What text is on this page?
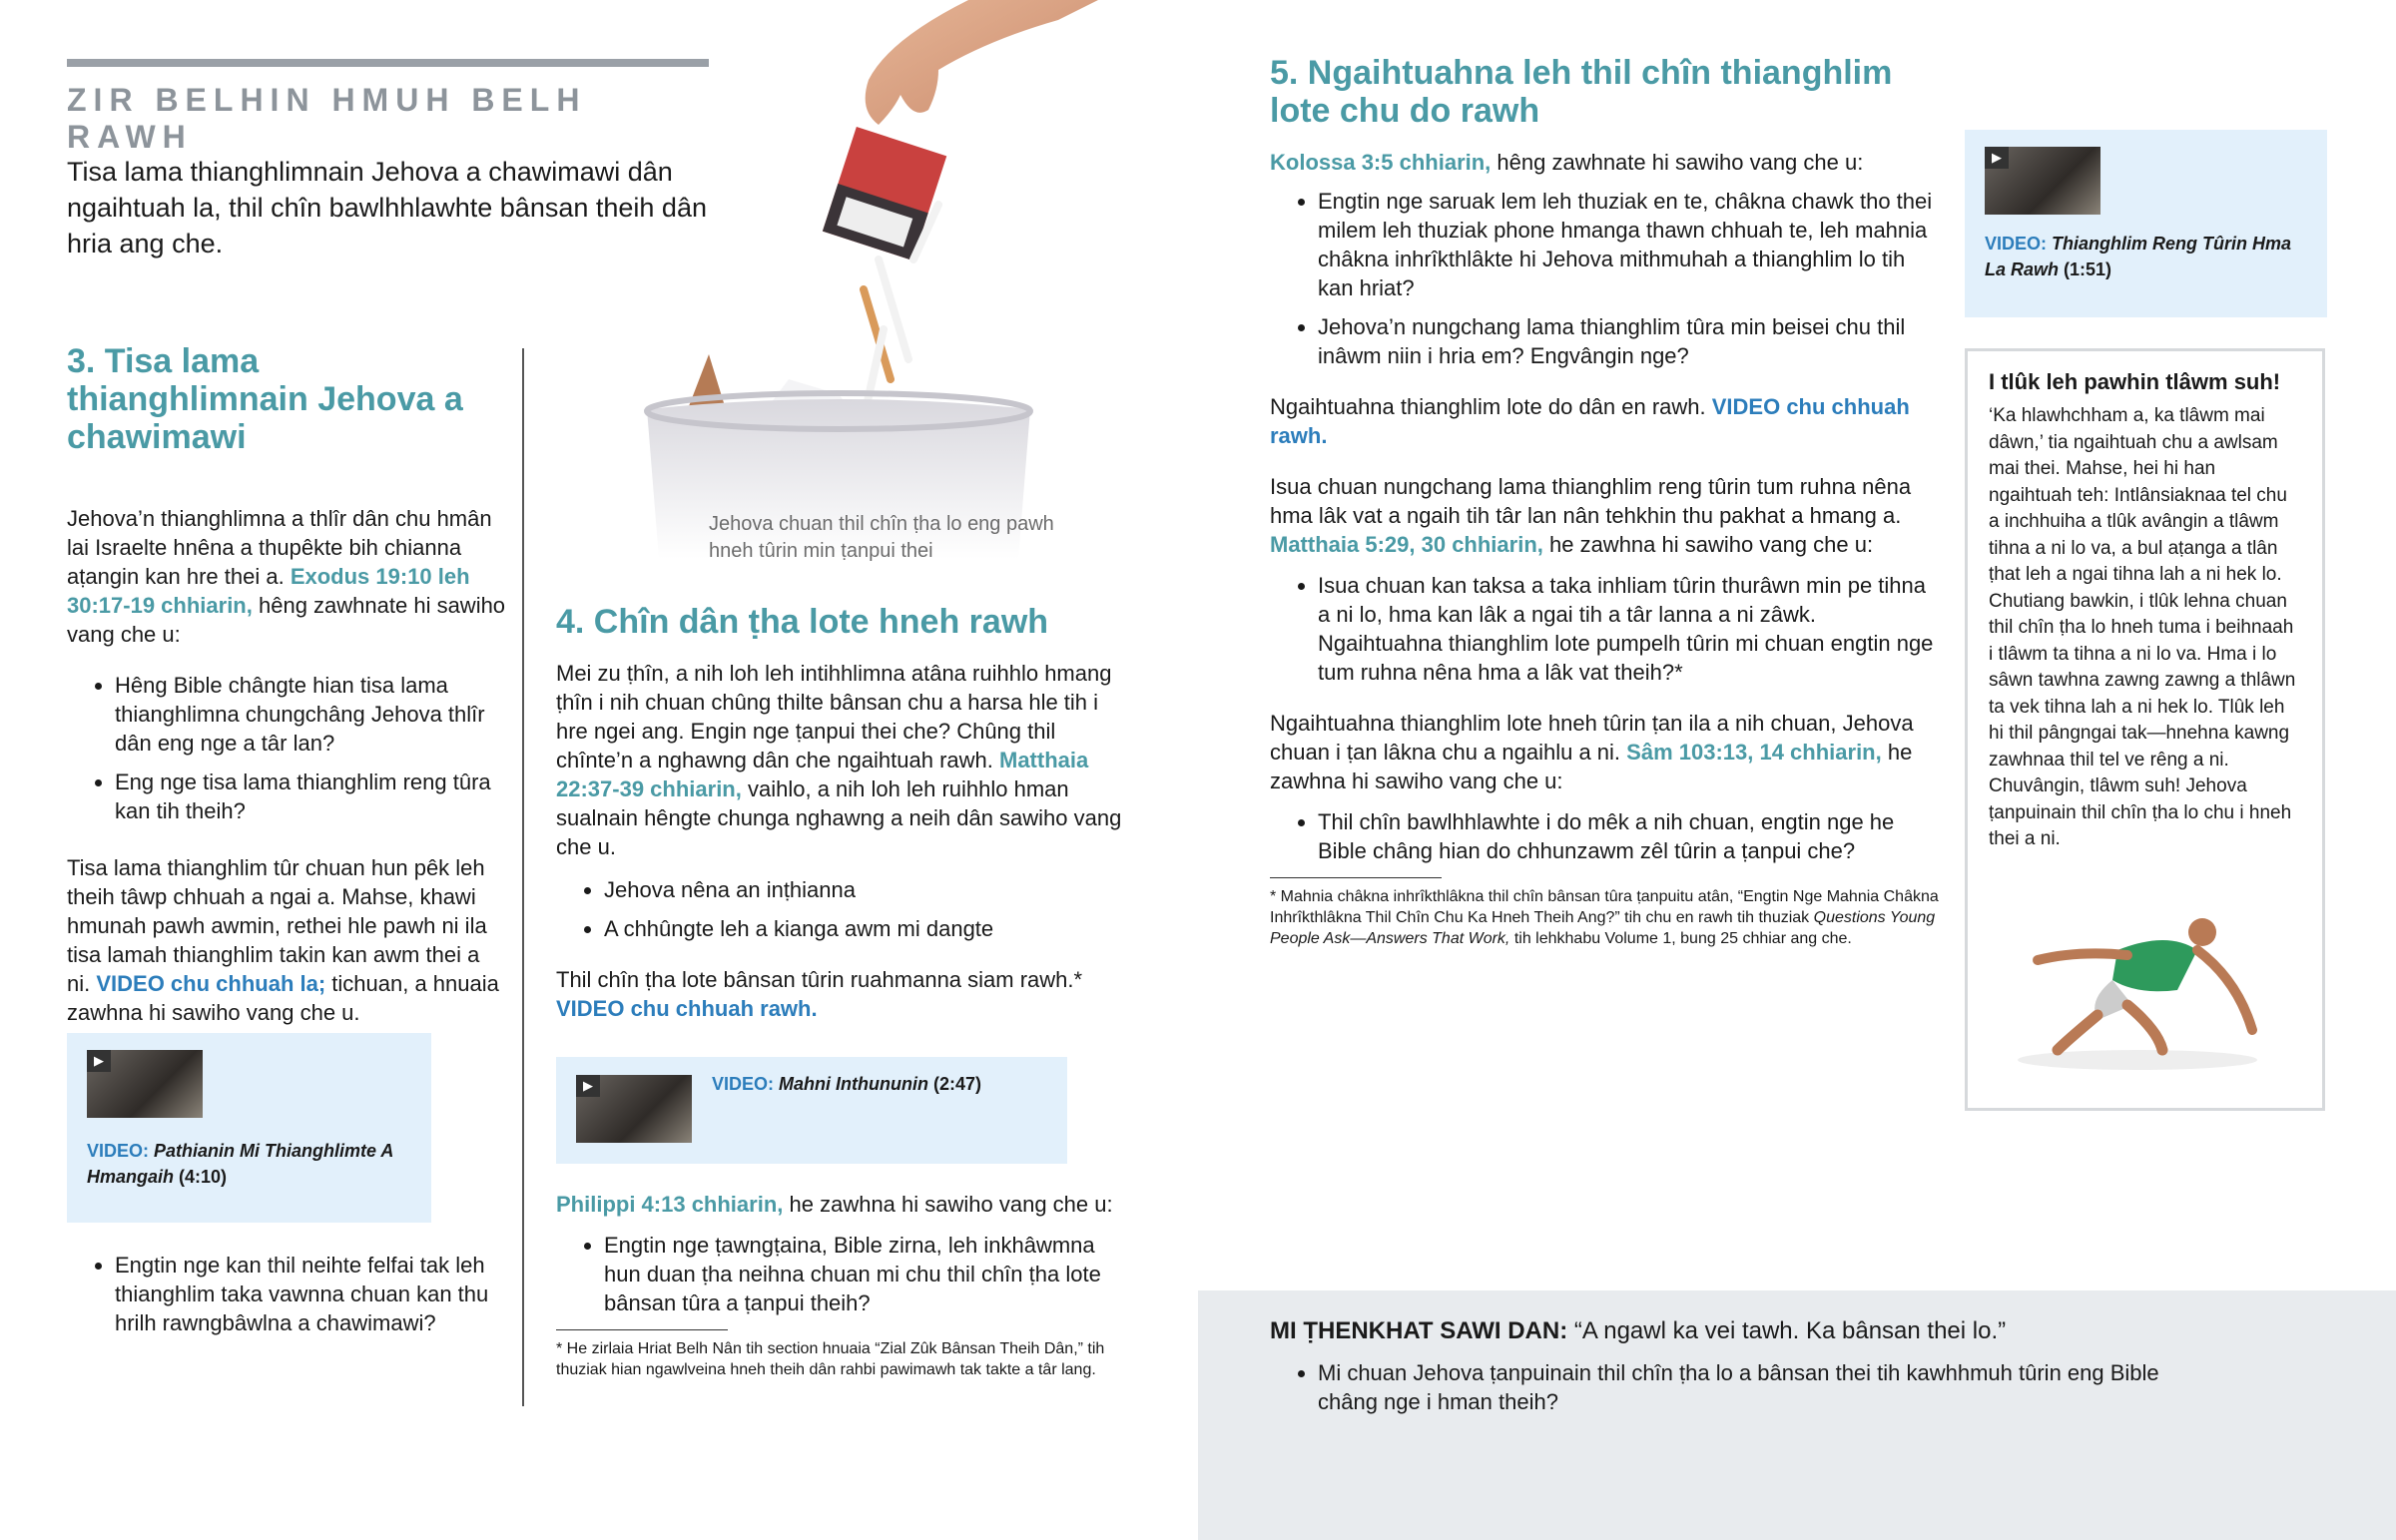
ZIR BELHIN HMUH BELH RAWH
Tisa lama thianghlimnain Jehova a chawimawi dân ngaihtuah la, thil chîn bawlhhlawhte bânsan theih dân hria ang che.
Jehova chuan thil chîn ṭha lo eng pawh hneh tûrin min ṭanpui thei
3. Tisa lama thianghlimnain Jehova a chawimawi

Jehova’n thianghlimna a thlîr dân chu hmân lai Israelte hnêna a thupêkte bih chianna aṭangin kan hre thei a. Exodus 19:10 leh 30:17-19 chhiarin, hêng zawhnate hi sawiho vang che u:

• Hêng Bible chângte hian tisa lama thianghlimna chungchâng Jehova thlîr dân eng nge a târ lan?
• Eng nge tisa lama thianghlim reng tûra kan tih theih?

Tisa lama thianghlim tûr chuan hun pêk leh theih tâwp chhuah a ngai a. Mahse, khawi hmunah pawh awmin, rethei hle pawh ni ila tisa lamah thianghlim takin kan awm thei a ni. VIDEO chu chhuah la; tichuan, a hnuaia zawhna hi sawiho vang che u.

▶
VIDEO: Pathianin Mi Thianghlimte A Hmangaih (4:10)
• Engtin nge kan thil neihte felfai tak leh thianghlim taka vawnna chuan kan thu hrilh rawngbâwlna a chawimawi?
4. Chîn dân ṭha lote hneh rawh

Mei zu ṭhîn, a nih loh leh intihhlimna atâna ruihhlo hmang ṭhîn i nih chuan chûng thilte bânsan chu a harsa hle tih i hre ngei ang. Engin nge ṭanpui thei che? Chûng thil chînte’n a nghawng dân che ngaihtuah rawh. Matthaia 22:37-39 chhiarin, vaihlo, a nih loh leh ruihhlo hman sualnain hêngte chunga nghawng a neih dân sawiho vang che u.

• Jehova nêna an inṭhianna
• A chhûngte leh a kianga awm mi dangte

Thil chîn ṭha lote bânsan tûrin ruahmanna siam rawh.*
VIDEO chu chhuah rawh.

▶	VIDEO: Mahni Inthununin (2:47)

Philippi 4:13 chhiarin, he zawhna hi sawiho vang che u:

• Engtin nge ṭawngṭaina, Bible zirna, leh inkhâwmna hun duan ṭha neihna chuan mi chu thil chîn ṭha lote bânsan tûra a ṭanpui theih?
* He zirlaia Hriat Belh Nân tih section hnuaia “Zial Zûk Bânsan Theih Dân,” tih thuziak hian ngawlveina hneh theih dân rahbi pawimawh tak takte a târ lang.
5. Ngaihtuahna leh thil chîn thianghlim lote chu do rawh

Kolossa 3:5 chhiarin, hêng zawhnate hi sawiho vang che u:

• Engtin nge saruak lem leh thuziak en te, châkna chawk tho thei milem leh thuziak phone hmanga thawn chhuah te, leh mahnia châkna inhrîkthlâkte hi Jehova mithmuhah a thianghlim lo tih kan hriat?
• Jehova’n nungchang lama thianghlim tûra min beisei chu thil inâwm niin i hria em? Engvângin nge?

Ngaihtuahna thianghlim lote do dân en rawh. VIDEO chu chhuah rawh.

Isua chuan nungchang lama thianghlim reng tûrin tum ruhna nêna hma lâk vat a ngaih tih târ lan nân tehkhin thu pakhat a hmang a. Matthaia 5:29, 30 chhiarin, he zawhna hi sawiho vang che u:

• Isua chuan kan taksa a taka inhliam tûrin thurâwn min pe tihna a ni lo, hma kan lâk a ngai tih a târ lanna a ni zâwk. Ngaihtuahna thianghlim lote pumpelh tûrin mi chuan engtin nge tum ruhna nêna hma a lâk vat theih?*

Ngaihtuahna thianghlim lote hneh tûrin ṭan ila a nih chuan, Jehova chuan i ṭan lâkna chu a ngaihlu a ni. Sâm 103:13, 14 chhiarin, he zawhna hi sawiho vang che u:

• Thil chîn bawlhhlawhte i do mêk a nih chuan, engtin nge he Bible châng hian do chhunzawm zêl tûrin a ṭanpui che?
* Mahnia châkna inhrîkthlâkna thil chîn bânsan tûra ṭanpuitu atân, “Engtin Nge Mahnia Châkna Inhrîkthlâkna Thil Chîn Chu Ka Hneh Theih Ang?” tih chu en rawh tih thuziak Questions Young People Ask—Answers That Work, tih lehkhabu Volume 1, bung 25 chhiar ang che.
▶
VIDEO: Thianghlim Reng Tûrin Hma La Rawh (1:51)
I tlûk leh pawhin tlâwm suh!
‘Ka hlawhchham a, ka tlâwm mai dâwn,’ tia ngaihtuah chu a awlsam mai thei. Mahse, hei hi han ngaihtuah teh: Intlânsiaknaa tel chu a inchhuiha a tlûk avângin a tlâwm tihna a ni lo va, a bul aṭanga a tlân ṭhat leh a ngai tihna lah a ni hek lo. Chutiang bawkin, i tlûk lehna chuan thil chîn ṭha lo hneh tuma i beihnaah i tlâwm ta tihna a ni lo va. Hma i lo sâwn tawhna zawng zawng a thlâwn ta vek tihna lah a ni hek lo. Tlûk leh hi thil pângngai tak—hnehna kawng zawhnaa thil tel ve rêng a ni. Chuvângin, tlâwm suh! Jehova ṭanpuinain thil chîn ṭha lo chu i hneh thei a ni.
MI ṬHENKHAT SAWI DAN: “A ngawl ka vei tawh. Ka bânsan thei lo.”
• Mi chuan Jehova ṭanpuinain thil chîn ṭha lo a bânsan thei tih kawhhmuh tûrin eng Bible châng nge i hman theih?
